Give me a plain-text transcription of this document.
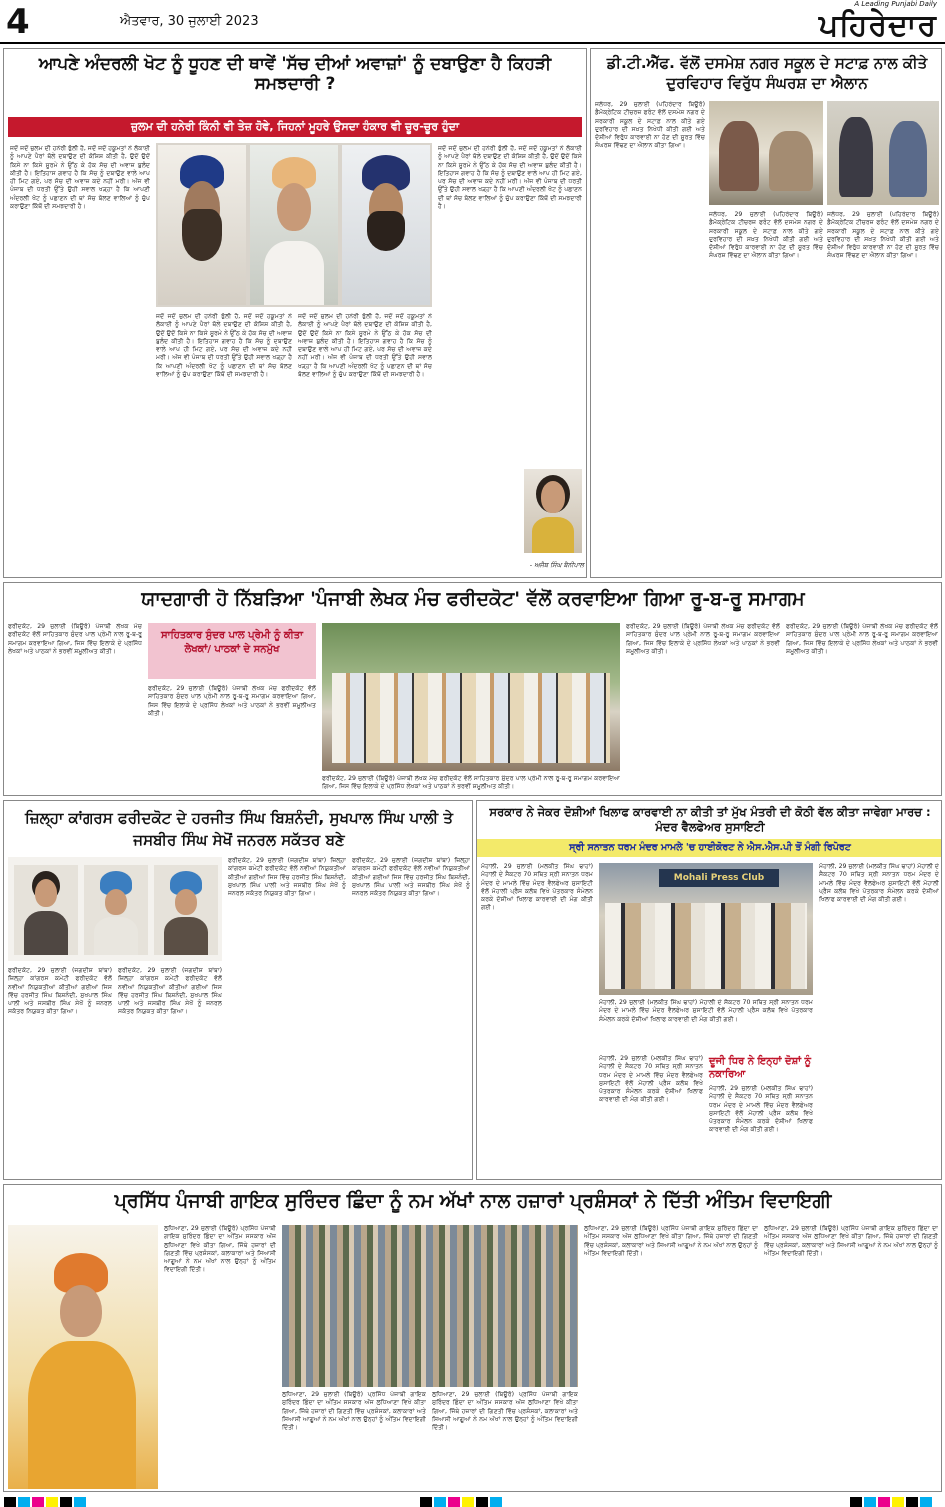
4	ਐਤਵਾਰ, 30 ਜੁਲਾਈ 2023
A Leading Punjabi Daily
ਪਹਿਰੇਦਾਰ
ਆਪਣੇ ਅੰਦਰਲੀ ਖੋਟ ਨੂੰ ਧੂਹਣ ਦੀ ਥਾਵੇਂ 'ਸੱਚ ਦੀਆਂ ਅਵਾਜ਼ਾਂ' ਨੂੰ ਦਬਾਉਣਾ ਹੈ ਕਿਹੜੀ ਸਮਝਦਾਰੀ ?
ਜ਼ੁਲਮ ਦੀ ਹਨੇਰੀ ਕਿੰਨੀ ਵੀ ਤੇਜ਼ ਹੋਵੇ, ਜਿਹਨਾਂ ਮੂਹਰੇ ਉਸਦਾ ਹੰਕਾਰ ਵੀ ਚੂਰ-ਚੂਰ ਹੁੰਦਾ
ਜਦੋਂ ਜਦੋਂ ਜ਼ੁਲਮ ਦੀ ਹਨੇਰੀ ਝੁੱਲੀ ਹੈ, ਜਦੋਂ ਜਦੋਂ ਹਕੂਮਤਾਂ ਨੇ ਲੋਕਾਈ ਨੂੰ ਆਪਣੇ ਪੈਰਾਂ ਥੱਲੇ ਦਬਾਉਣ ਦੀ ਕੋਸ਼ਿਸ਼ ਕੀਤੀ ਹੈ, ਉਦੋਂ ਉਦੋਂ ਕਿਸੇ ਨਾ ਕਿਸੇ ਸੂਰਮੇ ਨੇ ਉੱਠ ਕੇ ਹੱਕ ਸੱਚ ਦੀ ਅਵਾਜ਼ ਬੁਲੰਦ ਕੀਤੀ ਹੈ। ਇਤਿਹਾਸ ਗਵਾਹ ਹੈ ਕਿ ਸੱਚ ਨੂੰ ਦਬਾਉਣ ਵਾਲੇ ਆਪ ਹੀ ਮਿਟ ਗਏ, ਪਰ ਸੱਚ ਦੀ ਅਵਾਜ਼ ਕਦੇ ਨਹੀਂ ਮਰੀ। ਅੱਜ ਵੀ ਪੰਜਾਬ ਦੀ ਧਰਤੀ ਉੱਤੇ ਉਹੀ ਸਵਾਲ ਖੜ੍ਹਾ ਹੈ ਕਿ ਆਪਣੀ ਅੰਦਰਲੀ ਖੋਟ ਨੂੰ ਪਛਾਣਨ ਦੀ ਥਾਂ ਸੱਚ ਬੋਲਣ ਵਾਲਿਆਂ ਨੂੰ ਚੁੱਪ ਕਰਾਉਣਾ ਕਿੱਥੋਂ ਦੀ ਸਮਝਦਾਰੀ ਹੈ।
ਜਦੋਂ ਜਦੋਂ ਜ਼ੁਲਮ ਦੀ ਹਨੇਰੀ ਝੁੱਲੀ ਹੈ, ਜਦੋਂ ਜਦੋਂ ਹਕੂਮਤਾਂ ਨੇ ਲੋਕਾਈ ਨੂੰ ਆਪਣੇ ਪੈਰਾਂ ਥੱਲੇ ਦਬਾਉਣ ਦੀ ਕੋਸ਼ਿਸ਼ ਕੀਤੀ ਹੈ, ਉਦੋਂ ਉਦੋਂ ਕਿਸੇ ਨਾ ਕਿਸੇ ਸੂਰਮੇ ਨੇ ਉੱਠ ਕੇ ਹੱਕ ਸੱਚ ਦੀ ਅਵਾਜ਼ ਬੁਲੰਦ ਕੀਤੀ ਹੈ। ਇਤਿਹਾਸ ਗਵਾਹ ਹੈ ਕਿ ਸੱਚ ਨੂੰ ਦਬਾਉਣ ਵਾਲੇ ਆਪ ਹੀ ਮਿਟ ਗਏ, ਪਰ ਸੱਚ ਦੀ ਅਵਾਜ਼ ਕਦੇ ਨਹੀਂ ਮਰੀ। ਅੱਜ ਵੀ ਪੰਜਾਬ ਦੀ ਧਰਤੀ ਉੱਤੇ ਉਹੀ ਸਵਾਲ ਖੜ੍ਹਾ ਹੈ ਕਿ ਆਪਣੀ ਅੰਦਰਲੀ ਖੋਟ ਨੂੰ ਪਛਾਣਨ ਦੀ ਥਾਂ ਸੱਚ ਬੋਲਣ ਵਾਲਿਆਂ ਨੂੰ ਚੁੱਪ ਕਰਾਉਣਾ ਕਿੱਥੋਂ ਦੀ ਸਮਝਦਾਰੀ ਹੈ।
ਜਦੋਂ ਜਦੋਂ ਜ਼ੁਲਮ ਦੀ ਹਨੇਰੀ ਝੁੱਲੀ ਹੈ, ਜਦੋਂ ਜਦੋਂ ਹਕੂਮਤਾਂ ਨੇ ਲੋਕਾਈ ਨੂੰ ਆਪਣੇ ਪੈਰਾਂ ਥੱਲੇ ਦਬਾਉਣ ਦੀ ਕੋਸ਼ਿਸ਼ ਕੀਤੀ ਹੈ, ਉਦੋਂ ਉਦੋਂ ਕਿਸੇ ਨਾ ਕਿਸੇ ਸੂਰਮੇ ਨੇ ਉੱਠ ਕੇ ਹੱਕ ਸੱਚ ਦੀ ਅਵਾਜ਼ ਬੁਲੰਦ ਕੀਤੀ ਹੈ। ਇਤਿਹਾਸ ਗਵਾਹ ਹੈ ਕਿ ਸੱਚ ਨੂੰ ਦਬਾਉਣ ਵਾਲੇ ਆਪ ਹੀ ਮਿਟ ਗਏ, ਪਰ ਸੱਚ ਦੀ ਅਵਾਜ਼ ਕਦੇ ਨਹੀਂ ਮਰੀ। ਅੱਜ ਵੀ ਪੰਜਾਬ ਦੀ ਧਰਤੀ ਉੱਤੇ ਉਹੀ ਸਵਾਲ ਖੜ੍ਹਾ ਹੈ ਕਿ ਆਪਣੀ ਅੰਦਰਲੀ ਖੋਟ ਨੂੰ ਪਛਾਣਨ ਦੀ ਥਾਂ ਸੱਚ ਬੋਲਣ ਵਾਲਿਆਂ ਨੂੰ ਚੁੱਪ ਕਰਾਉਣਾ ਕਿੱਥੋਂ ਦੀ ਸਮਝਦਾਰੀ ਹੈ।
ਜਦੋਂ ਜਦੋਂ ਜ਼ੁਲਮ ਦੀ ਹਨੇਰੀ ਝੁੱਲੀ ਹੈ, ਜਦੋਂ ਜਦੋਂ ਹਕੂਮਤਾਂ ਨੇ ਲੋਕਾਈ ਨੂੰ ਆਪਣੇ ਪੈਰਾਂ ਥੱਲੇ ਦਬਾਉਣ ਦੀ ਕੋਸ਼ਿਸ਼ ਕੀਤੀ ਹੈ, ਉਦੋਂ ਉਦੋਂ ਕਿਸੇ ਨਾ ਕਿਸੇ ਸੂਰਮੇ ਨੇ ਉੱਠ ਕੇ ਹੱਕ ਸੱਚ ਦੀ ਅਵਾਜ਼ ਬੁਲੰਦ ਕੀਤੀ ਹੈ। ਇਤਿਹਾਸ ਗਵਾਹ ਹੈ ਕਿ ਸੱਚ ਨੂੰ ਦਬਾਉਣ ਵਾਲੇ ਆਪ ਹੀ ਮਿਟ ਗਏ, ਪਰ ਸੱਚ ਦੀ ਅਵਾਜ਼ ਕਦੇ ਨਹੀਂ ਮਰੀ। ਅੱਜ ਵੀ ਪੰਜਾਬ ਦੀ ਧਰਤੀ ਉੱਤੇ ਉਹੀ ਸਵਾਲ ਖੜ੍ਹਾ ਹੈ ਕਿ ਆਪਣੀ ਅੰਦਰਲੀ ਖੋਟ ਨੂੰ ਪਛਾਣਨ ਦੀ ਥਾਂ ਸੱਚ ਬੋਲਣ ਵਾਲਿਆਂ ਨੂੰ ਚੁੱਪ ਕਰਾਉਣਾ ਕਿੱਥੋਂ ਦੀ ਸਮਝਦਾਰੀ ਹੈ।
- ਅਜੈਬ ਸਿੰਘ ਬੈਨੀਪਾਲ
ਡੀ.ਟੀ.ਐੱਫ. ਵੱਲੋਂ ਦਸਮੇਸ਼ ਨਗਰ ਸਕੂਲ ਦੇ ਸਟਾਫ਼ ਨਾਲ ਕੀਤੇ ਦੁਰਵਿਹਾਰ ਵਿਰੁੱਧ ਸੰਘਰਸ਼ ਦਾ ਐਲਾਨ
ਜਲੰਧਰ, 29 ਜੁਲਾਈ (ਪਹਿਰੇਦਾਰ ਬਿਊਰੋ) ਡੈਮੋਕ੍ਰੇਟਿਕ ਟੀਚਰਜ਼ ਫਰੰਟ ਵੱਲੋਂ ਦਸਮੇਸ਼ ਨਗਰ ਦੇ ਸਰਕਾਰੀ ਸਕੂਲ ਦੇ ਸਟਾਫ਼ ਨਾਲ ਕੀਤੇ ਗਏ ਦੁਰਵਿਹਾਰ ਦੀ ਸਖ਼ਤ ਨਿਖੇਧੀ ਕੀਤੀ ਗਈ ਅਤੇ ਦੋਸ਼ੀਆਂ ਵਿਰੁੱਧ ਕਾਰਵਾਈ ਨਾ ਹੋਣ ਦੀ ਸੂਰਤ ਵਿੱਚ ਸੰਘਰਸ਼ ਵਿੱਢਣ ਦਾ ਐਲਾਨ ਕੀਤਾ ਗਿਆ।
ਜਲੰਧਰ, 29 ਜੁਲਾਈ (ਪਹਿਰੇਦਾਰ ਬਿਊਰੋ) ਡੈਮੋਕ੍ਰੇਟਿਕ ਟੀਚਰਜ਼ ਫਰੰਟ ਵੱਲੋਂ ਦਸਮੇਸ਼ ਨਗਰ ਦੇ ਸਰਕਾਰੀ ਸਕੂਲ ਦੇ ਸਟਾਫ਼ ਨਾਲ ਕੀਤੇ ਗਏ ਦੁਰਵਿਹਾਰ ਦੀ ਸਖ਼ਤ ਨਿਖੇਧੀ ਕੀਤੀ ਗਈ ਅਤੇ ਦੋਸ਼ੀਆਂ ਵਿਰੁੱਧ ਕਾਰਵਾਈ ਨਾ ਹੋਣ ਦੀ ਸੂਰਤ ਵਿੱਚ ਸੰਘਰਸ਼ ਵਿੱਢਣ ਦਾ ਐਲਾਨ ਕੀਤਾ ਗਿਆ।
ਜਲੰਧਰ, 29 ਜੁਲਾਈ (ਪਹਿਰੇਦਾਰ ਬਿਊਰੋ) ਡੈਮੋਕ੍ਰੇਟਿਕ ਟੀਚਰਜ਼ ਫਰੰਟ ਵੱਲੋਂ ਦਸਮੇਸ਼ ਨਗਰ ਦੇ ਸਰਕਾਰੀ ਸਕੂਲ ਦੇ ਸਟਾਫ਼ ਨਾਲ ਕੀਤੇ ਗਏ ਦੁਰਵਿਹਾਰ ਦੀ ਸਖ਼ਤ ਨਿਖੇਧੀ ਕੀਤੀ ਗਈ ਅਤੇ ਦੋਸ਼ੀਆਂ ਵਿਰੁੱਧ ਕਾਰਵਾਈ ਨਾ ਹੋਣ ਦੀ ਸੂਰਤ ਵਿੱਚ ਸੰਘਰਸ਼ ਵਿੱਢਣ ਦਾ ਐਲਾਨ ਕੀਤਾ ਗਿਆ।
ਯਾਦਗਾਰੀ ਹੋ ਨਿੱਬੜਿਆ 'ਪੰਜਾਬੀ ਲੇਖਕ ਮੰਚ ਫਰੀਦਕੋਟ' ਵੱਲੋਂ ਕਰਵਾਇਆ ਗਿਆ ਰੂ-ਬ-ਰੂ ਸਮਾਗਮ
ਫਰੀਦਕੋਟ, 29 ਜੁਲਾਈ (ਬਿਊਰੋ) ਪੰਜਾਬੀ ਲੇਖਕ ਮੰਚ ਫਰੀਦਕੋਟ ਵੱਲੋਂ ਸਾਹਿਤਕਾਰ ਸੁੰਦਰ ਪਾਲ ਪ੍ਰੇਮੀ ਨਾਲ ਰੂ-ਬ-ਰੂ ਸਮਾਗਮ ਕਰਵਾਇਆ ਗਿਆ, ਜਿਸ ਵਿੱਚ ਇਲਾਕੇ ਦੇ ਪ੍ਰਸਿੱਧ ਲੇਖਕਾਂ ਅਤੇ ਪਾਠਕਾਂ ਨੇ ਭਰਵੀਂ ਸ਼ਮੂਲੀਅਤ ਕੀਤੀ।
ਸਾਹਿਤਕਾਰ ਸੁੰਦਰ ਪਾਲ ਪ੍ਰੇਮੀ ਨੂੰ ਕੀਤਾ ਲੇਖਕਾਂ/ ਪਾਠਕਾਂ ਦੇ ਸਨਮੁੱਖ
ਫਰੀਦਕੋਟ, 29 ਜੁਲਾਈ (ਬਿਊਰੋ) ਪੰਜਾਬੀ ਲੇਖਕ ਮੰਚ ਫਰੀਦਕੋਟ ਵੱਲੋਂ ਸਾਹਿਤਕਾਰ ਸੁੰਦਰ ਪਾਲ ਪ੍ਰੇਮੀ ਨਾਲ ਰੂ-ਬ-ਰੂ ਸਮਾਗਮ ਕਰਵਾਇਆ ਗਿਆ, ਜਿਸ ਵਿੱਚ ਇਲਾਕੇ ਦੇ ਪ੍ਰਸਿੱਧ ਲੇਖਕਾਂ ਅਤੇ ਪਾਠਕਾਂ ਨੇ ਭਰਵੀਂ ਸ਼ਮੂਲੀਅਤ ਕੀਤੀ।
ਫਰੀਦਕੋਟ, 29 ਜੁਲਾਈ (ਬਿਊਰੋ) ਪੰਜਾਬੀ ਲੇਖਕ ਮੰਚ ਫਰੀਦਕੋਟ ਵੱਲੋਂ ਸਾਹਿਤਕਾਰ ਸੁੰਦਰ ਪਾਲ ਪ੍ਰੇਮੀ ਨਾਲ ਰੂ-ਬ-ਰੂ ਸਮਾਗਮ ਕਰਵਾਇਆ ਗਿਆ, ਜਿਸ ਵਿੱਚ ਇਲਾਕੇ ਦੇ ਪ੍ਰਸਿੱਧ ਲੇਖਕਾਂ ਅਤੇ ਪਾਠਕਾਂ ਨੇ ਭਰਵੀਂ ਸ਼ਮੂਲੀਅਤ ਕੀਤੀ।
ਫਰੀਦਕੋਟ, 29 ਜੁਲਾਈ (ਬਿਊਰੋ) ਪੰਜਾਬੀ ਲੇਖਕ ਮੰਚ ਫਰੀਦਕੋਟ ਵੱਲੋਂ ਸਾਹਿਤਕਾਰ ਸੁੰਦਰ ਪਾਲ ਪ੍ਰੇਮੀ ਨਾਲ ਰੂ-ਬ-ਰੂ ਸਮਾਗਮ ਕਰਵਾਇਆ ਗਿਆ, ਜਿਸ ਵਿੱਚ ਇਲਾਕੇ ਦੇ ਪ੍ਰਸਿੱਧ ਲੇਖਕਾਂ ਅਤੇ ਪਾਠਕਾਂ ਨੇ ਭਰਵੀਂ ਸ਼ਮੂਲੀਅਤ ਕੀਤੀ।
ਫਰੀਦਕੋਟ, 29 ਜੁਲਾਈ (ਬਿਊਰੋ) ਪੰਜਾਬੀ ਲੇਖਕ ਮੰਚ ਫਰੀਦਕੋਟ ਵੱਲੋਂ ਸਾਹਿਤਕਾਰ ਸੁੰਦਰ ਪਾਲ ਪ੍ਰੇਮੀ ਨਾਲ ਰੂ-ਬ-ਰੂ ਸਮਾਗਮ ਕਰਵਾਇਆ ਗਿਆ, ਜਿਸ ਵਿੱਚ ਇਲਾਕੇ ਦੇ ਪ੍ਰਸਿੱਧ ਲੇਖਕਾਂ ਅਤੇ ਪਾਠਕਾਂ ਨੇ ਭਰਵੀਂ ਸ਼ਮੂਲੀਅਤ ਕੀਤੀ।
ਜ਼ਿਲ੍ਹਾ ਕਾਂਗਰਸ ਫਰੀਦਕੋਟ ਦੇ ਹਰਜੀਤ ਸਿੰਘ ਬਿਸ਼ਨੰਦੀ, ਸੁਖਪਾਲ ਸਿੰਘ ਪਾਲੀ ਤੇ ਜਸਬੀਰ ਸਿੰਘ ਸੇਖੋਂ ਜਨਰਲ ਸਕੱਤਰ ਬਣੇ
ਫਰੀਦਕੋਟ, 29 ਜੁਲਾਈ (ਜਗਦੀਸ਼ ਬਾਂਬਾ) ਜ਼ਿਲ੍ਹਾ ਕਾਂਗਰਸ ਕਮੇਟੀ ਫਰੀਦਕੋਟ ਵੱਲੋਂ ਨਵੀਆਂ ਨਿਯੁਕਤੀਆਂ ਕੀਤੀਆਂ ਗਈਆਂ ਜਿਸ ਵਿੱਚ ਹਰਜੀਤ ਸਿੰਘ ਬਿਸ਼ਨੰਦੀ, ਸੁਖਪਾਲ ਸਿੰਘ ਪਾਲੀ ਅਤੇ ਜਸਬੀਰ ਸਿੰਘ ਸੇਖੋਂ ਨੂੰ ਜਨਰਲ ਸਕੱਤਰ ਨਿਯੁਕਤ ਕੀਤਾ ਗਿਆ।
ਫਰੀਦਕੋਟ, 29 ਜੁਲਾਈ (ਜਗਦੀਸ਼ ਬਾਂਬਾ) ਜ਼ਿਲ੍ਹਾ ਕਾਂਗਰਸ ਕਮੇਟੀ ਫਰੀਦਕੋਟ ਵੱਲੋਂ ਨਵੀਆਂ ਨਿਯੁਕਤੀਆਂ ਕੀਤੀਆਂ ਗਈਆਂ ਜਿਸ ਵਿੱਚ ਹਰਜੀਤ ਸਿੰਘ ਬਿਸ਼ਨੰਦੀ, ਸੁਖਪਾਲ ਸਿੰਘ ਪਾਲੀ ਅਤੇ ਜਸਬੀਰ ਸਿੰਘ ਸੇਖੋਂ ਨੂੰ ਜਨਰਲ ਸਕੱਤਰ ਨਿਯੁਕਤ ਕੀਤਾ ਗਿਆ।
ਫਰੀਦਕੋਟ, 29 ਜੁਲਾਈ (ਜਗਦੀਸ਼ ਬਾਂਬਾ) ਜ਼ਿਲ੍ਹਾ ਕਾਂਗਰਸ ਕਮੇਟੀ ਫਰੀਦਕੋਟ ਵੱਲੋਂ ਨਵੀਆਂ ਨਿਯੁਕਤੀਆਂ ਕੀਤੀਆਂ ਗਈਆਂ ਜਿਸ ਵਿੱਚ ਹਰਜੀਤ ਸਿੰਘ ਬਿਸ਼ਨੰਦੀ, ਸੁਖਪਾਲ ਸਿੰਘ ਪਾਲੀ ਅਤੇ ਜਸਬੀਰ ਸਿੰਘ ਸੇਖੋਂ ਨੂੰ ਜਨਰਲ ਸਕੱਤਰ ਨਿਯੁਕਤ ਕੀਤਾ ਗਿਆ।
ਫਰੀਦਕੋਟ, 29 ਜੁਲਾਈ (ਜਗਦੀਸ਼ ਬਾਂਬਾ) ਜ਼ਿਲ੍ਹਾ ਕਾਂਗਰਸ ਕਮੇਟੀ ਫਰੀਦਕੋਟ ਵੱਲੋਂ ਨਵੀਆਂ ਨਿਯੁਕਤੀਆਂ ਕੀਤੀਆਂ ਗਈਆਂ ਜਿਸ ਵਿੱਚ ਹਰਜੀਤ ਸਿੰਘ ਬਿਸ਼ਨੰਦੀ, ਸੁਖਪਾਲ ਸਿੰਘ ਪਾਲੀ ਅਤੇ ਜਸਬੀਰ ਸਿੰਘ ਸੇਖੋਂ ਨੂੰ ਜਨਰਲ ਸਕੱਤਰ ਨਿਯੁਕਤ ਕੀਤਾ ਗਿਆ।
ਸਰਕਾਰ ਨੇ ਜੇਕਰ ਦੋਸ਼ੀਆਂ ਖਿਲਾਫ ਕਾਰਵਾਈ ਨਾ ਕੀਤੀ ਤਾਂ ਮੁੱਖ ਮੰਤਰੀ ਦੀ ਕੋਠੀ ਵੱਲ ਕੀਤਾ ਜਾਵੇਗਾ ਮਾਰਚ : ਮੰਦਰ ਵੈਲਫੇਅਰ ਸੁਸਾਇਟੀ
ਸ੍ਰੀ ਸਨਾਤਨ ਧਰਮ ਮੰਦਰ ਮਾਮਲੇ 'ਚ ਹਾਈਕੋਰਟ ਨੇ ਐਸ.ਐਸ.ਪੀ ਤੋਂ ਮੰਗੀ ਰਿਪੋਰਟ
ਮੋਹਾਲੀ, 29 ਜੁਲਾਈ (ਮਲਕੀਤ ਸਿੰਘ ਢਾਹਾਂ) ਮੋਹਾਲੀ ਦੇ ਸੈਕਟਰ 70 ਸਥਿਤ ਸ੍ਰੀ ਸਨਾਤਨ ਧਰਮ ਮੰਦਰ ਦੇ ਮਾਮਲੇ ਵਿੱਚ ਮੰਦਰ ਵੈਲਫੇਅਰ ਸੁਸਾਇਟੀ ਵੱਲੋਂ ਮੋਹਾਲੀ ਪ੍ਰੈਸ ਕਲੱਬ ਵਿਖੇ ਪੱਤਰਕਾਰ ਸੰਮੇਲਨ ਕਰਕੇ ਦੋਸ਼ੀਆਂ ਖਿਲਾਫ ਕਾਰਵਾਈ ਦੀ ਮੰਗ ਕੀਤੀ ਗਈ।
Mohali Press Club
ਮੋਹਾਲੀ, 29 ਜੁਲਾਈ (ਮਲਕੀਤ ਸਿੰਘ ਢਾਹਾਂ) ਮੋਹਾਲੀ ਦੇ ਸੈਕਟਰ 70 ਸਥਿਤ ਸ੍ਰੀ ਸਨਾਤਨ ਧਰਮ ਮੰਦਰ ਦੇ ਮਾਮਲੇ ਵਿੱਚ ਮੰਦਰ ਵੈਲਫੇਅਰ ਸੁਸਾਇਟੀ ਵੱਲੋਂ ਮੋਹਾਲੀ ਪ੍ਰੈਸ ਕਲੱਬ ਵਿਖੇ ਪੱਤਰਕਾਰ ਸੰਮੇਲਨ ਕਰਕੇ ਦੋਸ਼ੀਆਂ ਖਿਲਾਫ ਕਾਰਵਾਈ ਦੀ ਮੰਗ ਕੀਤੀ ਗਈ।
ਮੋਹਾਲੀ, 29 ਜੁਲਾਈ (ਮਲਕੀਤ ਸਿੰਘ ਢਾਹਾਂ) ਮੋਹਾਲੀ ਦੇ ਸੈਕਟਰ 70 ਸਥਿਤ ਸ੍ਰੀ ਸਨਾਤਨ ਧਰਮ ਮੰਦਰ ਦੇ ਮਾਮਲੇ ਵਿੱਚ ਮੰਦਰ ਵੈਲਫੇਅਰ ਸੁਸਾਇਟੀ ਵੱਲੋਂ ਮੋਹਾਲੀ ਪ੍ਰੈਸ ਕਲੱਬ ਵਿਖੇ ਪੱਤਰਕਾਰ ਸੰਮੇਲਨ ਕਰਕੇ ਦੋਸ਼ੀਆਂ ਖਿਲਾਫ ਕਾਰਵਾਈ ਦੀ ਮੰਗ ਕੀਤੀ ਗਈ।
ਦੂਜੀ ਧਿਰ ਨੇ ਇਨ੍ਹਾਂ ਦੋਸ਼ਾਂ ਨੂੰ ਨਕਾਰਿਆ
ਮੋਹਾਲੀ, 29 ਜੁਲਾਈ (ਮਲਕੀਤ ਸਿੰਘ ਢਾਹਾਂ) ਮੋਹਾਲੀ ਦੇ ਸੈਕਟਰ 70 ਸਥਿਤ ਸ੍ਰੀ ਸਨਾਤਨ ਧਰਮ ਮੰਦਰ ਦੇ ਮਾਮਲੇ ਵਿੱਚ ਮੰਦਰ ਵੈਲਫੇਅਰ ਸੁਸਾਇਟੀ ਵੱਲੋਂ ਮੋਹਾਲੀ ਪ੍ਰੈਸ ਕਲੱਬ ਵਿਖੇ ਪੱਤਰਕਾਰ ਸੰਮੇਲਨ ਕਰਕੇ ਦੋਸ਼ੀਆਂ ਖਿਲਾਫ ਕਾਰਵਾਈ ਦੀ ਮੰਗ ਕੀਤੀ ਗਈ।
ਮੋਹਾਲੀ, 29 ਜੁਲਾਈ (ਮਲਕੀਤ ਸਿੰਘ ਢਾਹਾਂ) ਮੋਹਾਲੀ ਦੇ ਸੈਕਟਰ 70 ਸਥਿਤ ਸ੍ਰੀ ਸਨਾਤਨ ਧਰਮ ਮੰਦਰ ਦੇ ਮਾਮਲੇ ਵਿੱਚ ਮੰਦਰ ਵੈਲਫੇਅਰ ਸੁਸਾਇਟੀ ਵੱਲੋਂ ਮੋਹਾਲੀ ਪ੍ਰੈਸ ਕਲੱਬ ਵਿਖੇ ਪੱਤਰਕਾਰ ਸੰਮੇਲਨ ਕਰਕੇ ਦੋਸ਼ੀਆਂ ਖਿਲਾਫ ਕਾਰਵਾਈ ਦੀ ਮੰਗ ਕੀਤੀ ਗਈ।
ਪ੍ਰਸਿੱਧ ਪੰਜਾਬੀ ਗਾਇਕ ਸੁਰਿੰਦਰ ਛਿੰਦਾ ਨੂੰ ਨਮ ਅੱਖਾਂ ਨਾਲ ਹਜ਼ਾਰਾਂ ਪ੍ਰਸ਼ੰਸਕਾਂ ਨੇ ਦਿੱਤੀ ਅੰਤਿਮ ਵਿਦਾਇਗੀ
ਲੁਧਿਆਣਾ, 29 ਜੁਲਾਈ (ਬਿਊਰੋ) ਪ੍ਰਸਿੱਧ ਪੰਜਾਬੀ ਗਾਇਕ ਸੁਰਿੰਦਰ ਛਿੰਦਾ ਦਾ ਅੰਤਿਮ ਸਸਕਾਰ ਅੱਜ ਲੁਧਿਆਣਾ ਵਿਖੇ ਕੀਤਾ ਗਿਆ, ਜਿੱਥੇ ਹਜ਼ਾਰਾਂ ਦੀ ਗਿਣਤੀ ਵਿੱਚ ਪ੍ਰਸ਼ੰਸਕਾਂ, ਕਲਾਕਾਰਾਂ ਅਤੇ ਸਿਆਸੀ ਆਗੂਆਂ ਨੇ ਨਮ ਅੱਖਾਂ ਨਾਲ ਉਨ੍ਹਾਂ ਨੂੰ ਅੰਤਿਮ ਵਿਦਾਇਗੀ ਦਿੱਤੀ।
ਲੁਧਿਆਣਾ, 29 ਜੁਲਾਈ (ਬਿਊਰੋ) ਪ੍ਰਸਿੱਧ ਪੰਜਾਬੀ ਗਾਇਕ ਸੁਰਿੰਦਰ ਛਿੰਦਾ ਦਾ ਅੰਤਿਮ ਸਸਕਾਰ ਅੱਜ ਲੁਧਿਆਣਾ ਵਿਖੇ ਕੀਤਾ ਗਿਆ, ਜਿੱਥੇ ਹਜ਼ਾਰਾਂ ਦੀ ਗਿਣਤੀ ਵਿੱਚ ਪ੍ਰਸ਼ੰਸਕਾਂ, ਕਲਾਕਾਰਾਂ ਅਤੇ ਸਿਆਸੀ ਆਗੂਆਂ ਨੇ ਨਮ ਅੱਖਾਂ ਨਾਲ ਉਨ੍ਹਾਂ ਨੂੰ ਅੰਤਿਮ ਵਿਦਾਇਗੀ ਦਿੱਤੀ।
ਲੁਧਿਆਣਾ, 29 ਜੁਲਾਈ (ਬਿਊਰੋ) ਪ੍ਰਸਿੱਧ ਪੰਜਾਬੀ ਗਾਇਕ ਸੁਰਿੰਦਰ ਛਿੰਦਾ ਦਾ ਅੰਤਿਮ ਸਸਕਾਰ ਅੱਜ ਲੁਧਿਆਣਾ ਵਿਖੇ ਕੀਤਾ ਗਿਆ, ਜਿੱਥੇ ਹਜ਼ਾਰਾਂ ਦੀ ਗਿਣਤੀ ਵਿੱਚ ਪ੍ਰਸ਼ੰਸਕਾਂ, ਕਲਾਕਾਰਾਂ ਅਤੇ ਸਿਆਸੀ ਆਗੂਆਂ ਨੇ ਨਮ ਅੱਖਾਂ ਨਾਲ ਉਨ੍ਹਾਂ ਨੂੰ ਅੰਤਿਮ ਵਿਦਾਇਗੀ ਦਿੱਤੀ।
ਲੁਧਿਆਣਾ, 29 ਜੁਲਾਈ (ਬਿਊਰੋ) ਪ੍ਰਸਿੱਧ ਪੰਜਾਬੀ ਗਾਇਕ ਸੁਰਿੰਦਰ ਛਿੰਦਾ ਦਾ ਅੰਤਿਮ ਸਸਕਾਰ ਅੱਜ ਲੁਧਿਆਣਾ ਵਿਖੇ ਕੀਤਾ ਗਿਆ, ਜਿੱਥੇ ਹਜ਼ਾਰਾਂ ਦੀ ਗਿਣਤੀ ਵਿੱਚ ਪ੍ਰਸ਼ੰਸਕਾਂ, ਕਲਾਕਾਰਾਂ ਅਤੇ ਸਿਆਸੀ ਆਗੂਆਂ ਨੇ ਨਮ ਅੱਖਾਂ ਨਾਲ ਉਨ੍ਹਾਂ ਨੂੰ ਅੰਤਿਮ ਵਿਦਾਇਗੀ ਦਿੱਤੀ।
ਲੁਧਿਆਣਾ, 29 ਜੁਲਾਈ (ਬਿਊਰੋ) ਪ੍ਰਸਿੱਧ ਪੰਜਾਬੀ ਗਾਇਕ ਸੁਰਿੰਦਰ ਛਿੰਦਾ ਦਾ ਅੰਤਿਮ ਸਸਕਾਰ ਅੱਜ ਲੁਧਿਆਣਾ ਵਿਖੇ ਕੀਤਾ ਗਿਆ, ਜਿੱਥੇ ਹਜ਼ਾਰਾਂ ਦੀ ਗਿਣਤੀ ਵਿੱਚ ਪ੍ਰਸ਼ੰਸਕਾਂ, ਕਲਾਕਾਰਾਂ ਅਤੇ ਸਿਆਸੀ ਆਗੂਆਂ ਨੇ ਨਮ ਅੱਖਾਂ ਨਾਲ ਉਨ੍ਹਾਂ ਨੂੰ ਅੰਤਿਮ ਵਿਦਾਇਗੀ ਦਿੱਤੀ।
